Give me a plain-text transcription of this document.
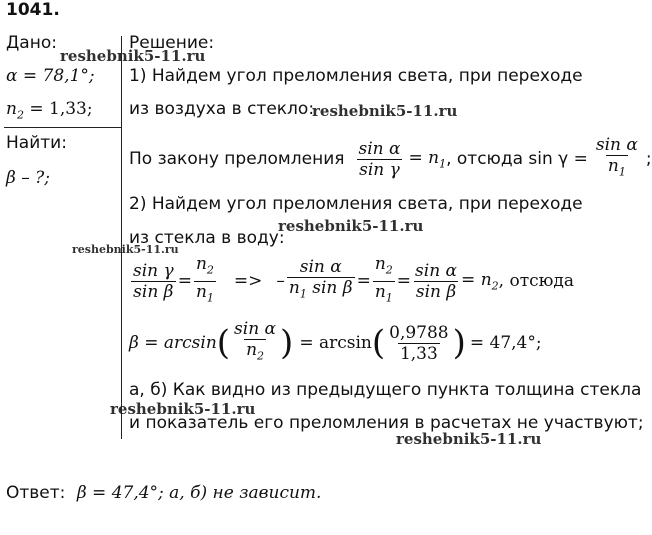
1041.
Дано:
α = 78,1°;
$n_2 = 1,33$;
Найти:
β – ?;
Решение:
1) Найдем угол преломления света, при переходе
из воздуха в стекло:
По закону преломления $\frac{\text{sin α}}{\text{sin γ}} = n_1$ , отсюда $\sin \gamma = \frac{\text{sin α}}{n_1}$ ;
2) Найдем угол преломления света, при переходе
из стекла в воду:
$\frac{\text{sin γ}}{\text{sin β}} = \frac{n_2}{n_1}$ => – $\frac{\text{sin α}}{n_1 \sin \beta} = \frac{n_2}{n_1} = \frac{\text{sin α}}{\text{sin β}} = n_2$ , отсюда
β = arcsin ( $\frac{\text{sin α}}{n_2}$ ) = arcsin ( $\frac{0,9788}{1,33}$ ) = 47,4°;
а, б) Как видно из предыдущего пункта толщина стекла
и показатель его преломления в расчетах не участвуют;
Ответ: β = 47,4°; а, б) не зависит.
reshebnik5-11.ru
reshebnik5-11.ru
reshebnik5-11.ru
reshebnik5-11.ru
reshebnik5-11.ru
reshebnik5-11.ru
